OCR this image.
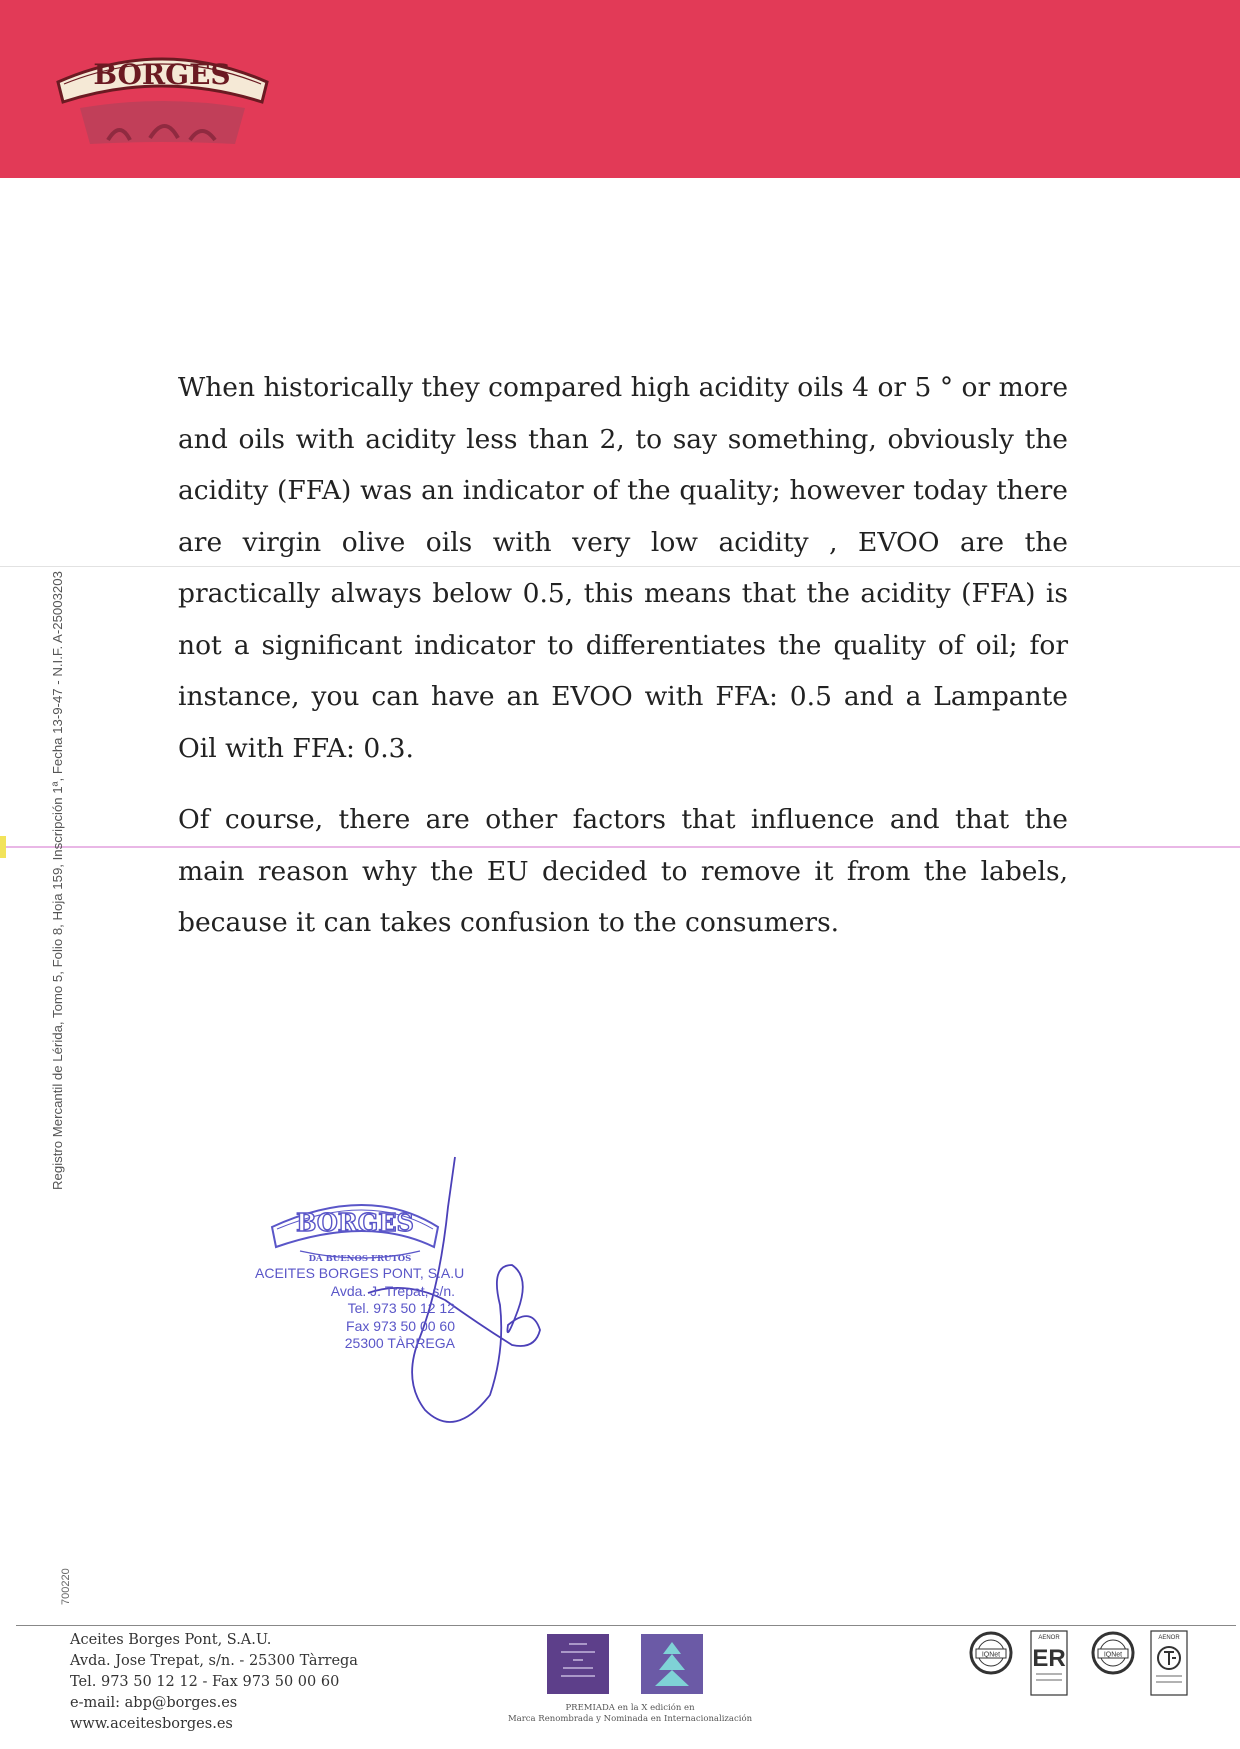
BORGES

When historically they compared high acidity oils 4 or 5 ° or more and oils with acidity less than 2, to say something, obviously the acidity (FFA) was an indicator of the quality; however today there are virgin olive oils with very low acidity , EVOO are the practically always below 0.5, this means that the acidity (FFA) is not a significant indicator to differentiates the quality of oil; for instance, you can have an EVOO with FFA: 0.5 and a Lampante Oil with FFA: 0.3.

Of course, there are other factors that influence and that the main reason why the EU decided to remove it from the labels, because it can takes confusion to the consumers.

Registro Mercantil de Lérida, Tomo 5, Folio 8, Hoja 159, Inscripción 1ª, Fecha 13-9-47 - N.I.F. A-25003203
700220
BORGES
DA BUENOS FRUTOS
ACEITES BORGES PONT, S.A.U
Avda. J. Trepat, s/n.
Tel. 973 50 12 12
Fax 973 50 00 60
25300 TÀRREGA
Aceites Borges Pont, S.A.U.
Avda. Jose Trepat, s/n. - 25300 Tàrrega
Tel. 973 50 12 12 - Fax 973 50 00 60
e-mail: abp@borges.es
www.aceitesborges.es
PREMIADA en la X edición en
Marca Renombrada y Nominada en Internacionalización
IQNet
AENOR
ER	IQNet
AENOR
